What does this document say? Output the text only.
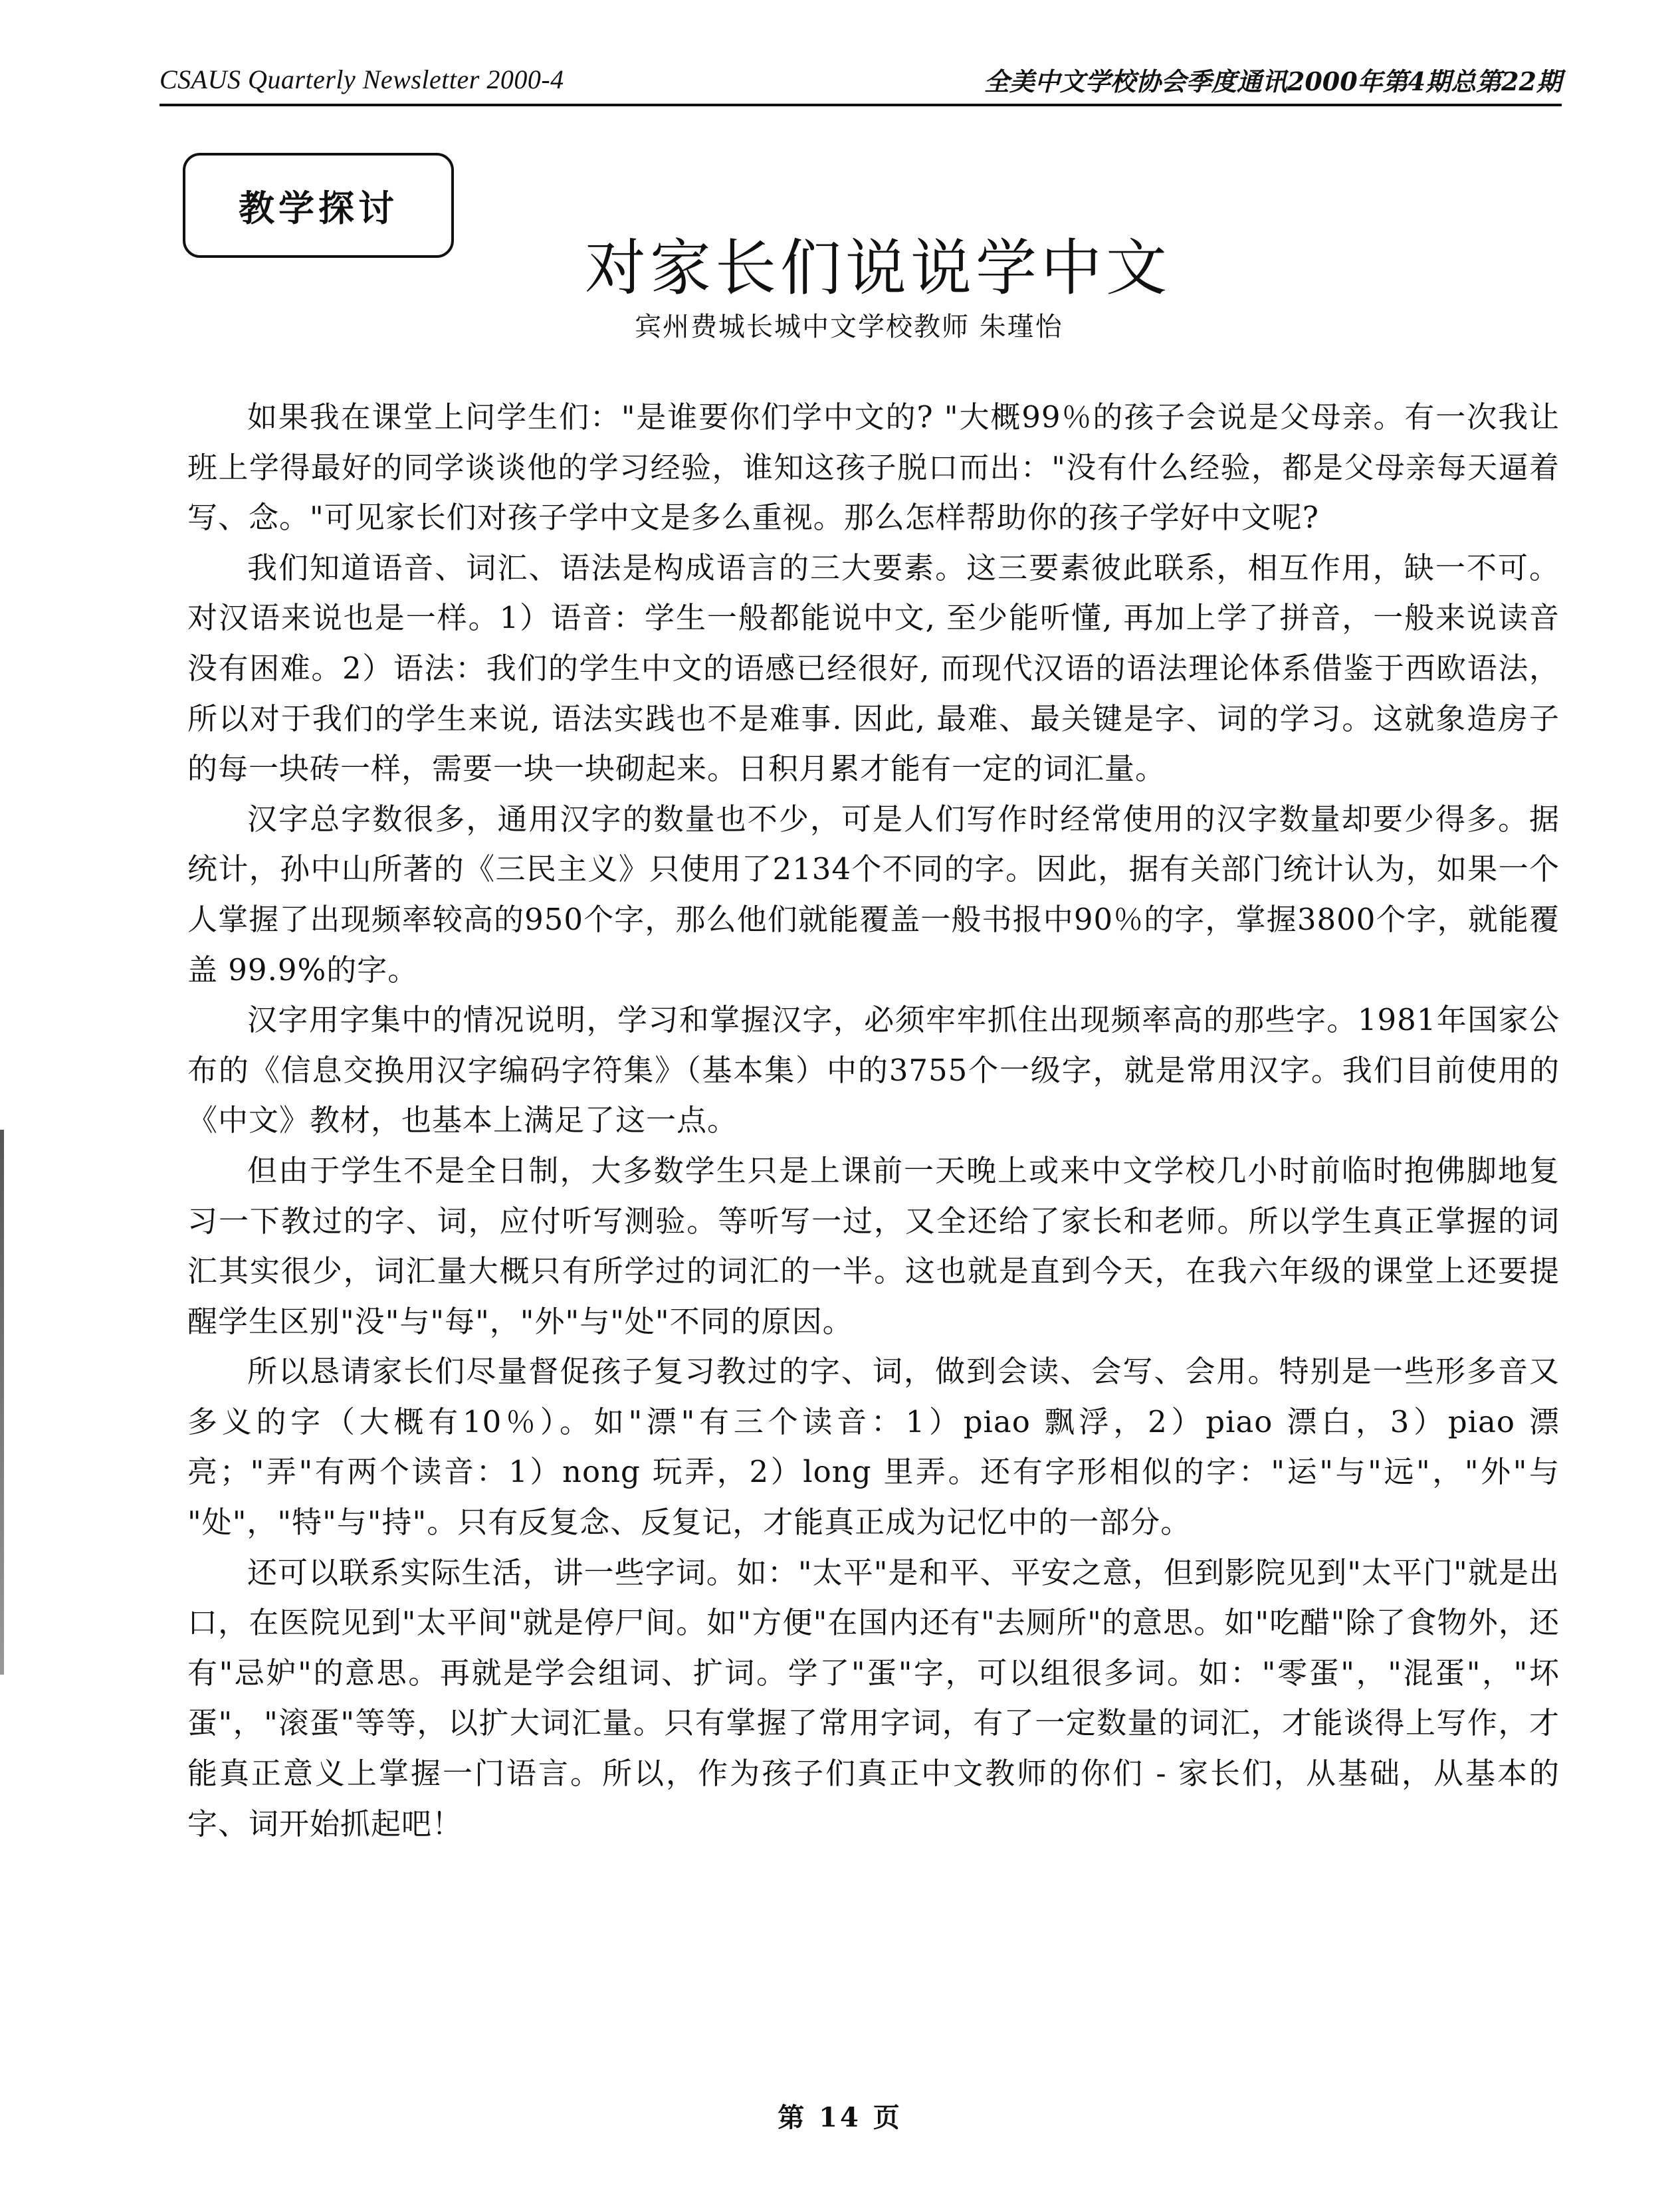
CSAUS Quarterly Newsletter 2000-4	全美中文学校协会季度通讯2000年第4期总第22期
教学探讨
对家长们说说学中文
宾州费城长城中文学校教师 朱瑾怡

如果我在课堂上问学生们："是谁要你们学中文的? "大概99％的孩子会说是父母亲。有一次我让班上学得最好的同学谈谈他的学习经验，谁知这孩子脱口而出："没有什么经验，都是父母亲每天逼着写、念。"可见家长们对孩子学中文是多么重视。那么怎样帮助你的孩子学好中文呢?

我们知道语音、词汇、语法是构成语言的三大要素。这三要素彼此联系，相互作用，缺一不可。对汉语来说也是一样。1）语音：学生一般都能说中文, 至少能听懂, 再加上学了拼音，一般来说读音没有困难。2）语法：我们的学生中文的语感已经很好, 而现代汉语的语法理论体系借鉴于西欧语法，所以对于我们的学生来说, 语法实践也不是难事. 因此, 最难、最关键是字、词的学习。这就象造房子的每一块砖一样，需要一块一块砌起来。日积月累才能有一定的词汇量。

汉字总字数很多，通用汉字的数量也不少，可是人们写作时经常使用的汉字数量却要少得多。据统计，孙中山所著的《三民主义》只使用了2134个不同的字。因此，据有关部门统计认为，如果一个人掌握了出现频率较高的950个字，那么他们就能覆盖一般书报中90％的字，掌握3800个字，就能覆盖 99.9%的字。

汉字用字集中的情况说明，学习和掌握汉字，必须牢牢抓住出现频率高的那些字。1981年国家公布的《信息交换用汉字编码字符集》（基本集）中的3755个一级字，就是常用汉字。我们目前使用的《中文》教材，也基本上满足了这一点。

但由于学生不是全日制，大多数学生只是上课前一天晚上或来中文学校几小时前临时抱佛脚地复习一下教过的字、词，应付听写测验。等听写一过，又全还给了家长和老师。所以学生真正掌握的词汇其实很少，词汇量大概只有所学过的词汇的一半。这也就是直到今天，在我六年级的课堂上还要提醒学生区别"没"与"每"，"外"与"处"不同的原因。

所以恳请家长们尽量督促孩子复习教过的字、词，做到会读、会写、会用。特别是一些形多音又多义的字（大概有10％）。如"漂"有三个读音：1）piao 飘浮，2）piao 漂白，3）piao 漂亮；"弄"有两个读音：1）nong 玩弄，2）long 里弄。还有字形相似的字："运"与"远"，"外"与 "处"，"特"与"持"。只有反复念、反复记，才能真正成为记忆中的一部分。

还可以联系实际生活，讲一些字词。如："太平"是和平、平安之意，但到影院见到"太平门"就是出口，在医院见到"太平间"就是停尸间。如"方便"在国内还有"去厕所"的意思。如"吃醋"除了食物外，还有"忌妒"的意思。再就是学会组词、扩词。学了"蛋"字，可以组很多词。如："零蛋"，"混蛋"，"坏蛋"，"滚蛋"等等，以扩大词汇量。只有掌握了常用字词，有了一定数量的词汇，才能谈得上写作，才能真正意义上掌握一门语言。所以，作为孩子们真正中文教师的你们 - 家长们，从基础，从基本的字、词开始抓起吧！

第 14 页
